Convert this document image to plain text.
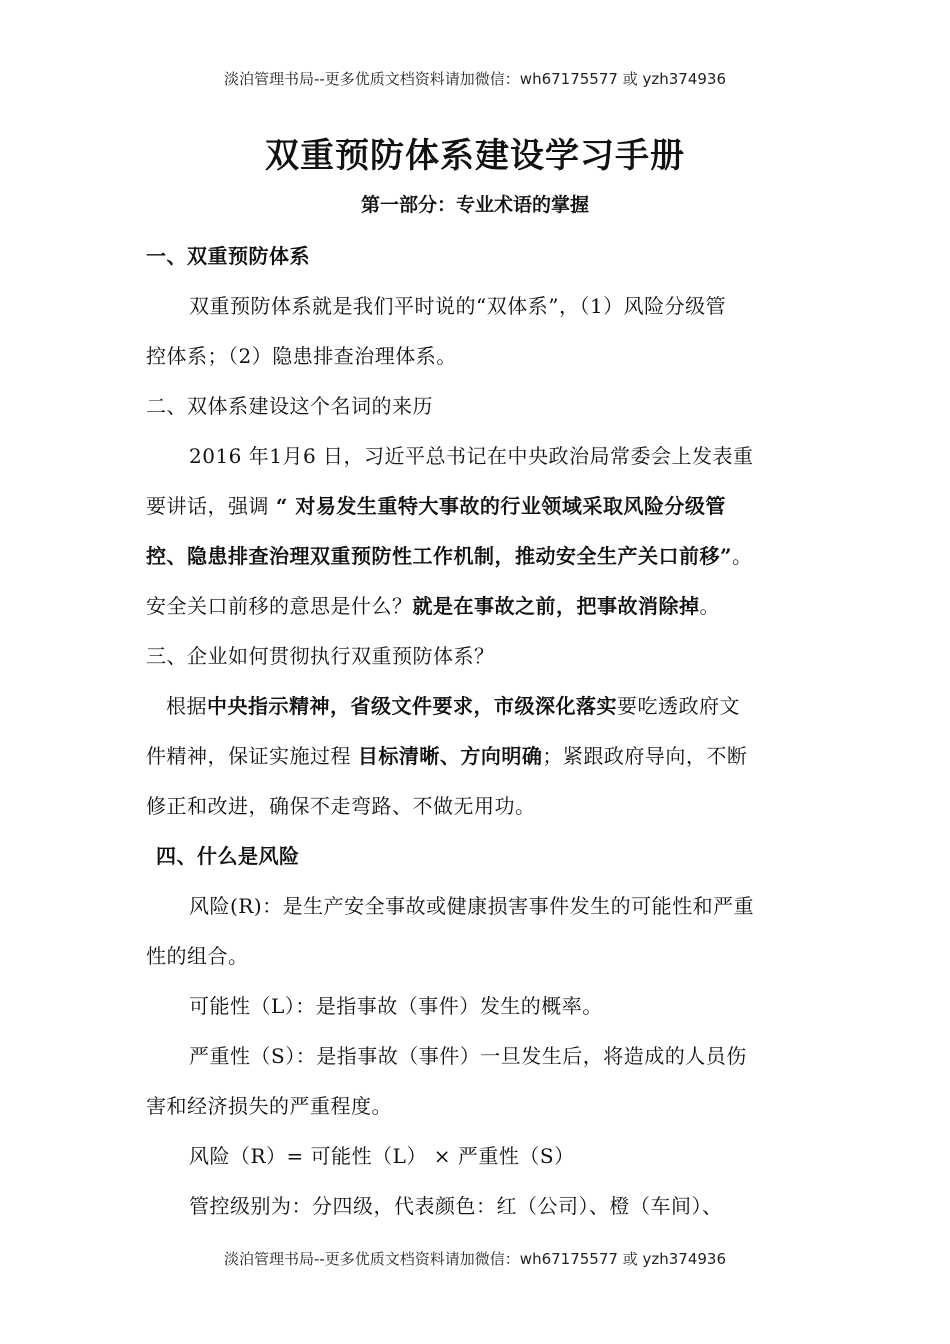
淡泊管理书局--更多优质文档资料请加微信：wh67175577 或 yzh374936
双重预防体系建设学习手册
第一部分：专业术语的掌握
一、双重预防体系
双重预防体系就是我们平时说的“双体系”，（1）风险分级管
控体系；（2）隐患排查治理体系。
二、双体系建设这个名词的来历
2016 年1月6 日，习近平总书记在中央政治局常委会上发表重
要讲话，强调 “ 对易发生重特大事故的行业领域采取风险分级管
控、隐患排查治理双重预防性工作机制，推动安全生产关口前移”。
安全关口前移的意思是什么？就是在事故之前，把事故消除掉。
三、企业如何贯彻执行双重预防体系？
根据中央指示精神，省级文件要求，市级深化落实要吃透政府文
件精神，保证实施过程 目标清晰、方向明确；紧跟政府导向，不断
修正和改进，确保不走弯路、不做无用功。
四、什么是风险
风险(R)：是生产安全事故或健康损害事件发生的可能性和严重
性的组合。
可能性（L）：是指事故（事件）发生的概率。
严重性（S）：是指事故（事件）一旦发生后，将造成的人员伤
害和经济损失的严重程度。
风险（R）= 可能性（L） × 严重性（S）
管控级别为：分四级，代表颜色：红（公司）、橙（车间）、
淡泊管理书局--更多优质文档资料请加微信：wh67175577 或 yzh374936
